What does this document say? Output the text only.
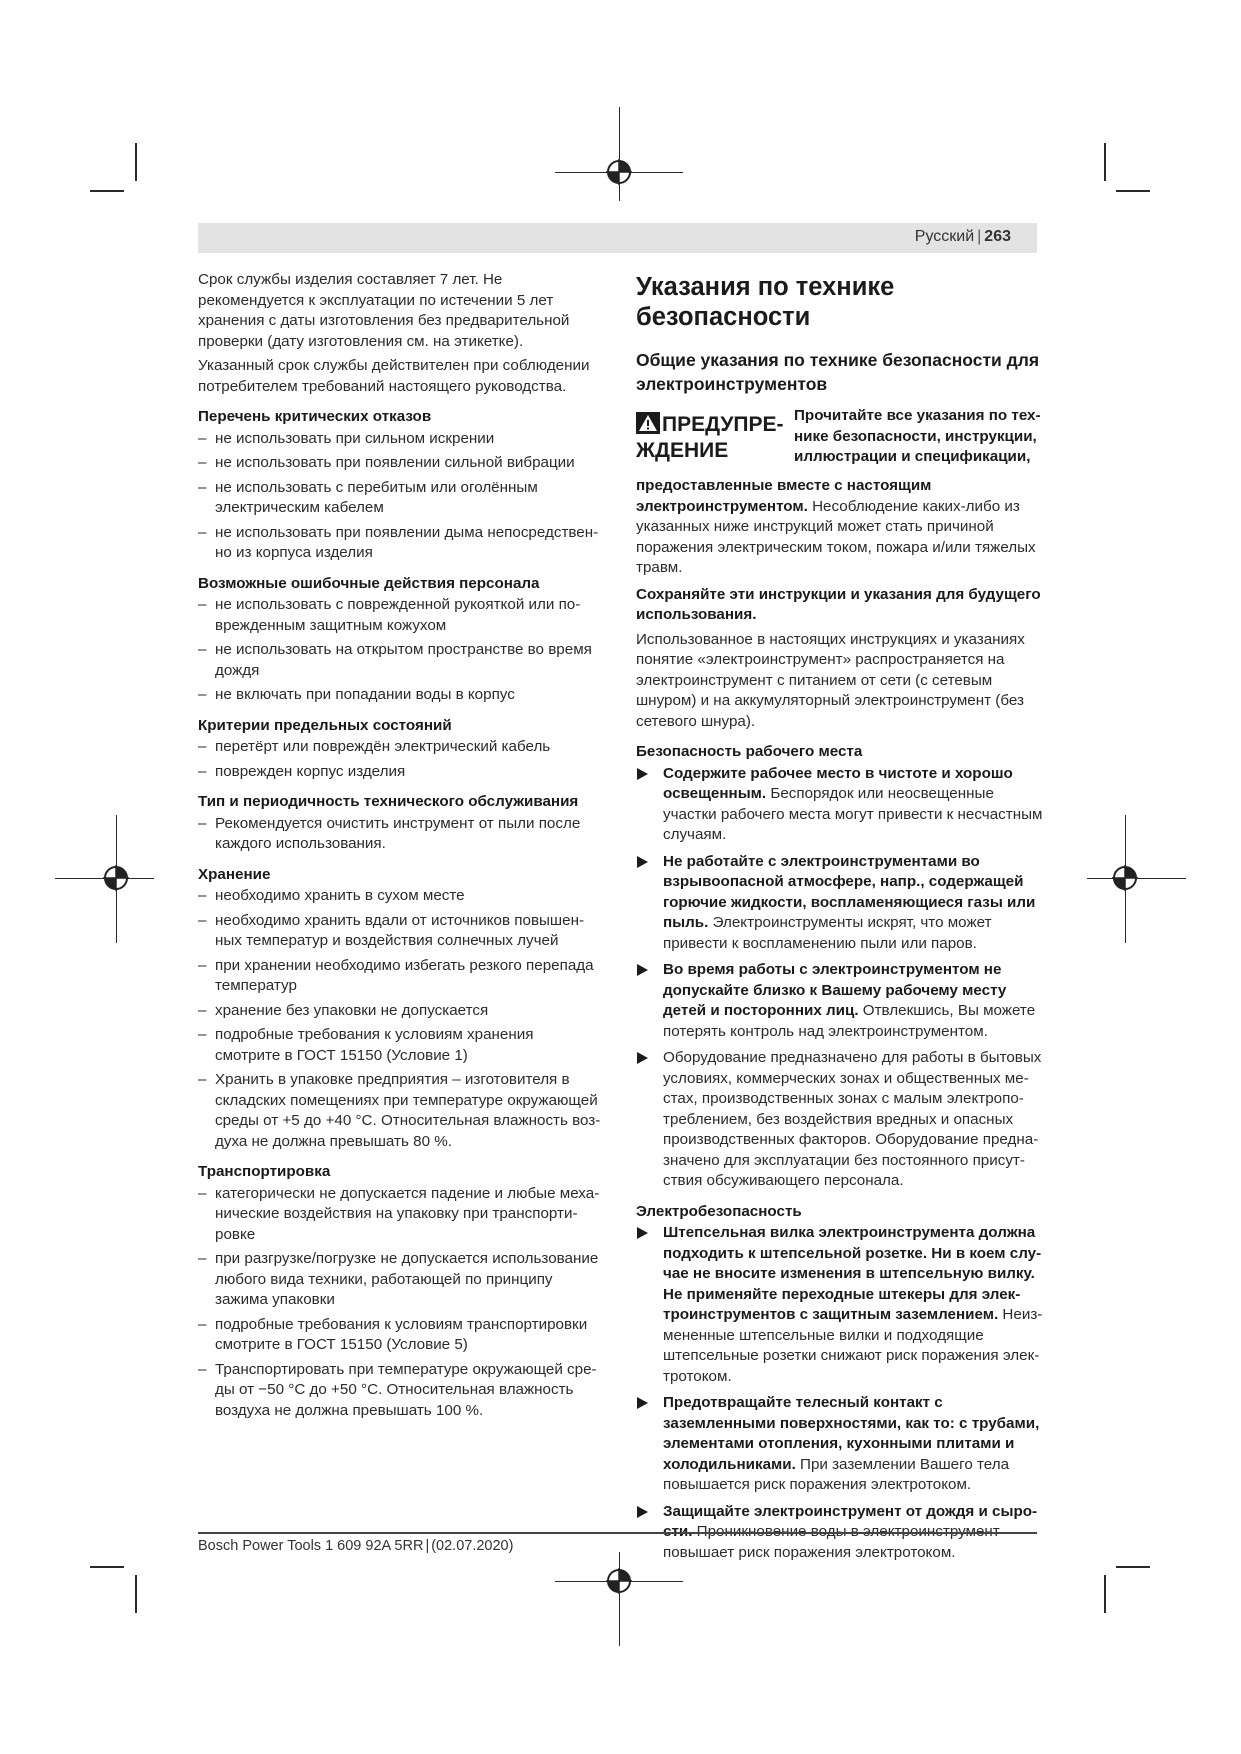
Русский | 263

Срок службы изделия составляет 7 лет. Не рекомендуется к эксплуатации по истечении 5 лет хранения с даты изготовления без предварительной проверки (дату изготовления см. на этикетке).

Указанный срок службы действителен при соблюдении потребителем требований настоящего руководства.

Перечень критических отказов
– не использовать при сильном искрении
– не использовать при появлении сильной вибрации
– не использовать с перебитым или оголённым электрическим кабелем
– не использовать при появлении дыма непосредственно из корпуса изделия
Возможные ошибочные действия персонала
– не использовать с поврежденной рукояткой или поврежденным защитным кожухом
– не использовать на открытом пространстве во время дождя
– не включать при попадании воды в корпус
Критерии предельных состояний
– перетёрт или повреждён электрический кабель
– поврежден корпус изделия
Тип и периодичность технического обслуживания
– Рекомендуется очистить инструмент от пыли после каждого использования.
Хранение
– необходимо хранить в сухом месте
– необходимо хранить вдали от источников повышенных температур и воздействия солнечных лучей
– при хранении необходимо избегать резкого перепада температур
– хранение без упаковки не допускается
– подробные требования к условиям хранения смотрите в ГОСТ 15150 (Условие 1)
– Хранить в упаковке предприятия – изготовителя в складских помещениях при температуре окружающей среды от +5 до +40 °C. Относительная влажность воздуха не должна превышать 80 %.
Транспортировка
– категорически не допускается падение и любые механические воздействия на упаковку при транспортировке
– при разгрузке/погрузке не допускается использование любого вида техники, работающей по принципу зажима упаковки
– подробные требования к условиям транспортировки смотрите в ГОСТ 15150 (Условие 5)
– Транспортировать при температуре окружающей среды от −50 °C до +50 °C. Относительная влажность воздуха не должна превышать 100 %.
Указания по технике безопасности
Общие указания по технике безопасности для электроинструментов
ПРЕДУПРЕЖДЕНИЕ
Прочитайте все указания по технике безопасности, инструкции, иллюстрации и спецификации,

предоставленные вместе с настоящим электроинструментом. Несоблюдение каких-либо из указанных ниже инструкций может стать причиной поражения электрическим током, пожара и/или тяжелых травм.

Сохраняйте эти инструкции и указания для будущего использования.

Использованное в настоящих инструкциях и указаниях понятие «электроинструмент» распространяется на электроинструмент с питанием от сети (с сетевым шнуром) и на аккумуляторный электроинструмент (без сетевого шнура).

Безопасность рабочего места
Содержите рабочее место в чистоте и хорошо освещенным. Беспорядок или неосвещенные участки рабочего места могут привести к несчастным случаям.
Не работайте с электроинструментами во взрывоопасной атмосфере, напр., содержащей горючие жидкости, воспламеняющиеся газы или пыль. Электроинструменты искрят, что может привести к воспламенению пыли или паров.
Во время работы с электроинструментом не допускайте близко к Вашему рабочему месту детей и посторонних лиц. Отвлекшись, Вы можете потерять контроль над электроинструментом.
Оборудование предназначено для работы в бытовых условиях, коммерческих зонах и общественных местах, производственных зонах с малым электропотреблением, без воздействия вредных и опасных производственных факторов. Оборудование предназначено для эксплуатации без постоянного присутствия обсуживающего персонала.
Электробезопасность
Штепсельная вилка электроинструмента должна подходить к штепсельной розетке. Ни в коем случае не вносите изменения в штепсельную вилку. Не применяйте переходные штекеры для электроинструментов с защитным заземлением. Неизмененные штепсельные вилки и подходящие штепсельные розетки снижают риск поражения электротоком.
Предотвращайте телесный контакт с заземленными поверхностями, как то: с трубами, элементами отопления, кухонными плитами и холодильниками. При заземлении Вашего тела повышается риск поражения электротоком.
Защищайте электроинструмент от дождя и сыро повышает риск поражения электротоком.
Bosch Power Tools 1 609 92A 5RR | (02.07.2020)
